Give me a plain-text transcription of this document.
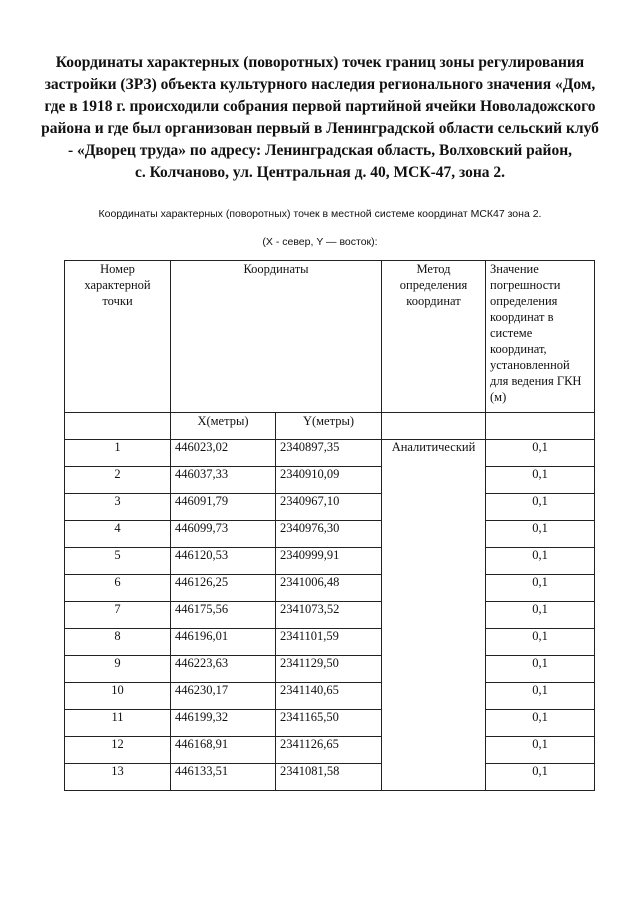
Координаты характерных (поворотных) точек границ зоны регулирования
застройки (ЗРЗ) объекта культурного наследия регионального значения «Дом,
где в 1918 г. происходили собрания первой партийной ячейки Новоладожского
района и где был организован первый в Ленинградской области сельский клуб
- «Дворец труда» по адресу: Ленинградская область, Волховский район,
с. Колчаново, ул. Центральная д. 40, МСК-47, зона 2.
Координаты характерных (поворотных) точек в местной системе координат МСК47 зона 2.
(X - север, Y — восток):
Номер характерной точки	Координаты		Метод определения координат	Значение погрешности определения координат в системе координат, установленной для ведения ГКН (м)
	X(метры)	Y(метры)		
1	446023,02	2340897,35	Аналитический	0,1
2	446037,33	2340910,09		0,1
3	446091,79	2340967,10		0,1
4	446099,73	2340976,30		0,1
5	446120,53	2340999,91		0,1
6	446126,25	2341006,48		0,1
7	446175,56	2341073,52		0,1
8	446196,01	2341101,59		0,1
9	446223,63	2341129,50		0,1
10	446230,17	2341140,65		0,1
11	446199,32	2341165,50		0,1
12	446168,91	2341126,65		0,1
13	446133,51	2341081,58		0,1
